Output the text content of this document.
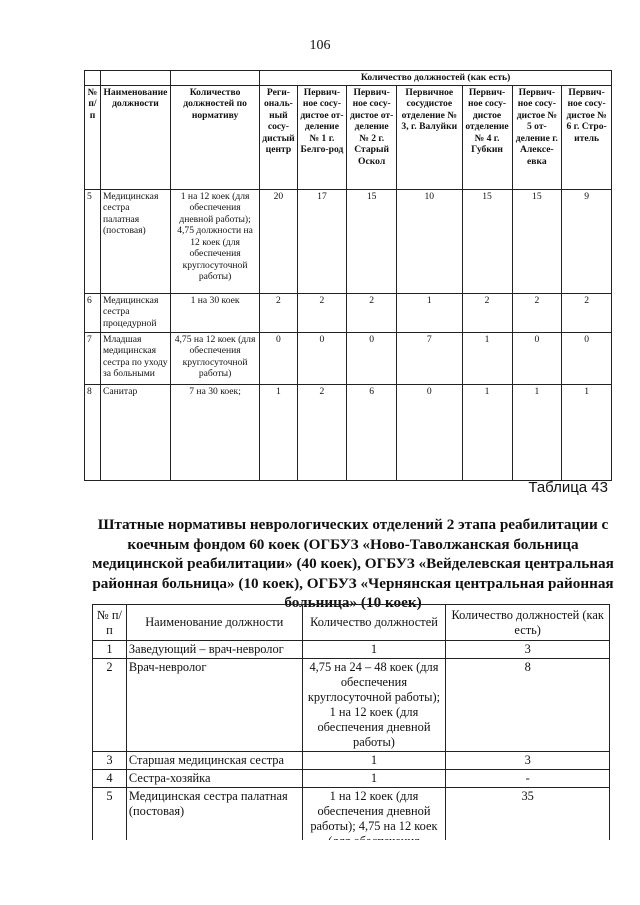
106
			Количество должностей (как есть)						
№ п/п	Наименование должности	Количество должностей по нормативу	Реги-ональ-ный сосу-дистый центр	Первич-ное сосу-дистое от-деление № 1 г. Белго-род	Первич-ное сосу-дистое от-деление № 2 г. Старый Оскол	Первичное сосудистое отделение № 3, г. Валуйки	Первич-ное сосу-дистое отделение № 4 г. Губкин	Первич-ное сосу-дистое № 5 от-деление г. Алексе-евка	Первич-ное сосу-дистое № 6 г. Стро-итель
5	Медицинская сестра палатная (постовая)	1 на 12 коек (для обеспечения дневной работы); 4,75 должности на 12 коек (для обеспечения круглосуточной работы)	20	17	15	10	15	15	9
6	Медицинская сестра процедурной	1 на 30 коек	2	2	2	1	2	2	2
7	Младшая медицинская сестра по уходу за больными	4,75 на 12 коек (для обеспечения круглосуточной работы)	0	0	0	7	1	0	0
8	Санитар	7 на 30 коек;	1	2	6	0	1	1	1
Таблица 43
Штатные нормативы неврологических отделений 2 этапа реабилитации с коечным фондом 60 коек (ОГБУЗ «Ново-Таволжанская больница медицинской реабилитации» (40 коек), ОГБУЗ «Вейделевская центральная районная больница» (10 коек), ОГБУЗ «Чернянская центральная районная больница» (10 коек)
№ п/п	Наименование должности	Количество должностей	Количество должностей (как есть)
1	Заведующий – врач-невролог	1	3
2	Врач-невролог	4,75 на 24 – 48 коек (для обеспечения круглосуточной работы); 1 на 12 коек (для обеспечения дневной работы)	8
3	Старшая медицинская сестра	1	3
4	Сестра-хозяйка	1	-
5	Медицинская сестра палатная (постовая)	1 на 12 коек (для обеспечения дневной работы); 4,75 на 12 коек	35
